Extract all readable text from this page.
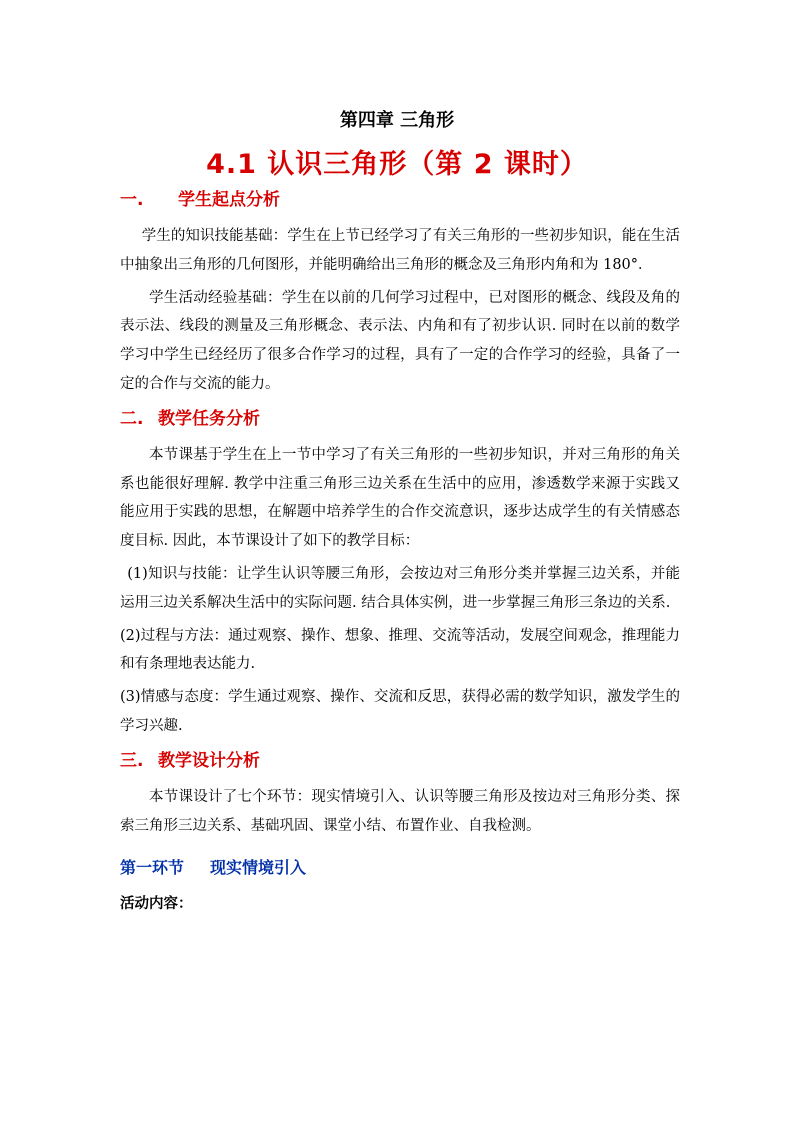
第四章 三角形
4.1 认识三角形（第 2 课时）
一. 学生起点分析

学生的知识技能基础：学生在上节已经学习了有关三角形的一些初步知识，能在生活中抽象出三角形的几何图形，并能明确给出三角形的概念及三角形内角和为 180°．

学生活动经验基础：学生在以前的几何学习过程中，已对图形的概念、线段及角的表示法、线段的测量及三角形概念、表示法、内角和有了初步认识. 同时在以前的数学学习中学生已经经历了很多合作学习的过程，具有了一定的合作学习的经验，具备了一定的合作与交流的能力。

二. 教学任务分析

本节课基于学生在上一节中学习了有关三角形的一些初步知识，并对三角形的角关系也能很好理解. 教学中注重三角形三边关系在生活中的应用，渗透数学来源于实践又能应用于实践的思想，在解题中培养学生的合作交流意识，逐步达成学生的有关情感态度目标. 因此，本节课设计了如下的教学目标：

(1)知识与技能：让学生认识等腰三角形，会按边对三角形分类并掌握三边关系，并能运用三边关系解决生活中的实际问题. 结合具体实例，进一步掌握三角形三条边的关系.

(2)过程与方法：通过观察、操作、想象、推理、交流等活动，发展空间观念，推理能力和有条理地表达能力.

(3)情感与态度：学生通过观察、操作、交流和反思，获得必需的数学知识，激发学生的学习兴趣.

三. 教学设计分析

本节课设计了七个环节：现实情境引入、认识等腰三角形及按边对三角形分类、探索三角形三边关系、基础巩固、课堂小结、布置作业、自我检测。

第一环节 现实情境引入
活动内容：
